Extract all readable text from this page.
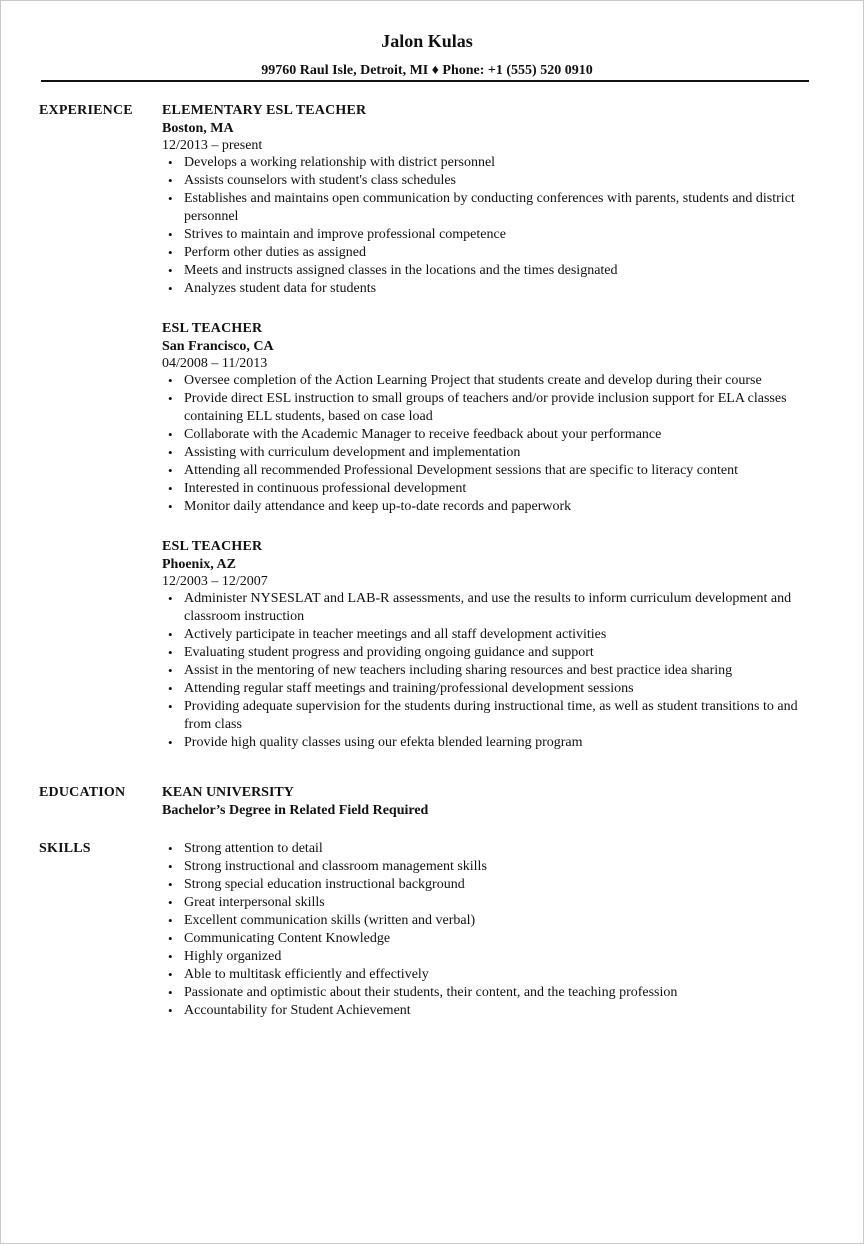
Jalon Kulas
99760 Raul Isle, Detroit, MI ♦ Phone: +1 (555) 520 0910
EXPERIENCE ELEMENTARY ESL TEACHER
Boston, MA
12/2013 – present
• Develops a working relationship with district personnel
• Assists counselors with student's class schedules
• Establishes and maintains open communication by conducting conferences with parents, students and district personnel
• Strives to maintain and improve professional competence
• Perform other duties as assigned
• Meets and instructs assigned classes in the locations and the times designated
• Analyzes student data for students
ESL TEACHER
San Francisco, CA
04/2008 – 11/2013
• Oversee completion of the Action Learning Project that students create and develop during their course
• Provide direct ESL instruction to small groups of teachers and/or provide inclusion support for ELA classes containing ELL students, based on case load
• Collaborate with the Academic Manager to receive feedback about your performance
• Assisting with curriculum development and implementation
• Attending all recommended Professional Development sessions that are specific to literacy content
• Interested in continuous professional development
• Monitor daily attendance and keep up-to-date records and paperwork
ESL TEACHER
Phoenix, AZ
12/2003 – 12/2007
• Administer NYSESLAT and LAB-R assessments, and use the results to inform curriculum development and classroom instruction
• Actively participate in teacher meetings and all staff development activities
• Evaluating student progress and providing ongoing guidance and support
• Assist in the mentoring of new teachers including sharing resources and best practice idea sharing
• Attending regular staff meetings and training/professional development sessions
• Providing adequate supervision for the students during instructional time, as well as student transitions to and from class
• Provide high quality classes using our efekta blended learning program
EDUCATION	KEAN UNIVERSITY
Bachelor’s Degree in Related Field Required
SKILLS
•	Strong attention to detail
• Strong instructional and classroom management skills
• Strong special education instructional background
• Great interpersonal skills
• Excellent communication skills (written and verbal)
• Communicating Content Knowledge
• Highly organized
• Able to multitask efficiently and effectively
• Passionate and optimistic about their students, their content, and the teaching profession
• Accountability for Student Achievement
